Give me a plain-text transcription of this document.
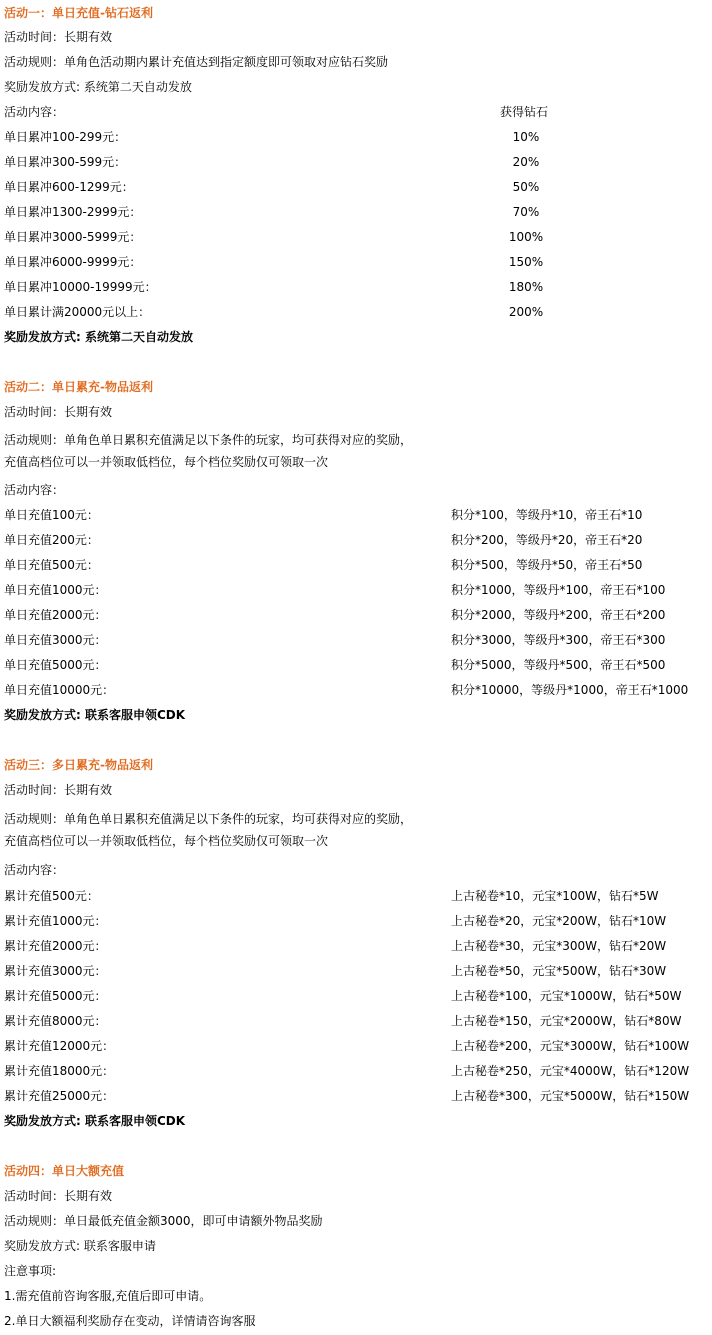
活动一：单日充值-钻石返利
活动时间：长期有效
活动规则：单角色活动期内累计充值达到指定额度即可领取对应钻石奖励
奖励发放方式: 系统第二天自动发放
活动内容：	获得钻石
单日累冲100-299元：	10%
单日累冲300-599元：	20%
单日累冲600-1299元：	50%
单日累冲1300-2999元：	70%
单日累冲3000-5999元：	100%
单日累冲6000-9999元：	150%
单日累冲10000-19999元：	180%
单日累计满20000元以上：	200%
奖励发放方式: 系统第二天自动发放
活动二：单日累充-物品返利
活动时间：长期有效
活动规则：单角色单日累积充值满足以下条件的玩家，均可获得对应的奖励，
充值高档位可以一并领取低档位，每个档位奖励仅可领取一次
活动内容：
单日充值100元：	积分*100，等级丹*10，帝王石*10
单日充值200元：	积分*200，等级丹*20，帝王石*20
单日充值500元：	积分*500，等级丹*50，帝王石*50
单日充值1000元：	积分*1000，等级丹*100，帝王石*100
单日充值2000元：	积分*2000，等级丹*200，帝王石*200
单日充值3000元：	积分*3000，等级丹*300，帝王石*300
单日充值5000元：	积分*5000，等级丹*500，帝王石*500
单日充值10000元：	积分*10000，等级丹*1000，帝王石*1000
奖励发放方式: 联系客服申领CDK
活动三：多日累充-物品返利
活动时间：长期有效
活动规则：单角色单日累积充值满足以下条件的玩家，均可获得对应的奖励，
充值高档位可以一并领取低档位，每个档位奖励仅可领取一次
活动内容：
累计充值500元：	上古秘卷*10，元宝*100W，钻石*5W
累计充值1000元：	上古秘卷*20，元宝*200W，钻石*10W
累计充值2000元：	上古秘卷*30，元宝*300W，钻石*20W
累计充值3000元：	上古秘卷*50，元宝*500W，钻石*30W
累计充值5000元：	上古秘卷*100，元宝*1000W，钻石*50W
累计充值8000元：	上古秘卷*150，元宝*2000W，钻石*80W
累计充值12000元：	上古秘卷*200，元宝*3000W，钻石*100W
累计充值18000元：	上古秘卷*250，元宝*4000W，钻石*120W
累计充值25000元：	上古秘卷*300，元宝*5000W，钻石*150W
奖励发放方式: 联系客服申领CDK
活动四：单日大额充值
活动时间：长期有效
活动规则：单日最低充值金额3000，即可申请额外物品奖励
奖励发放方式: 联系客服申请
注意事项:
1.需充值前咨询客服,充值后即可申请。
2.单日大额福利奖励存在变动，详情请咨询客服
